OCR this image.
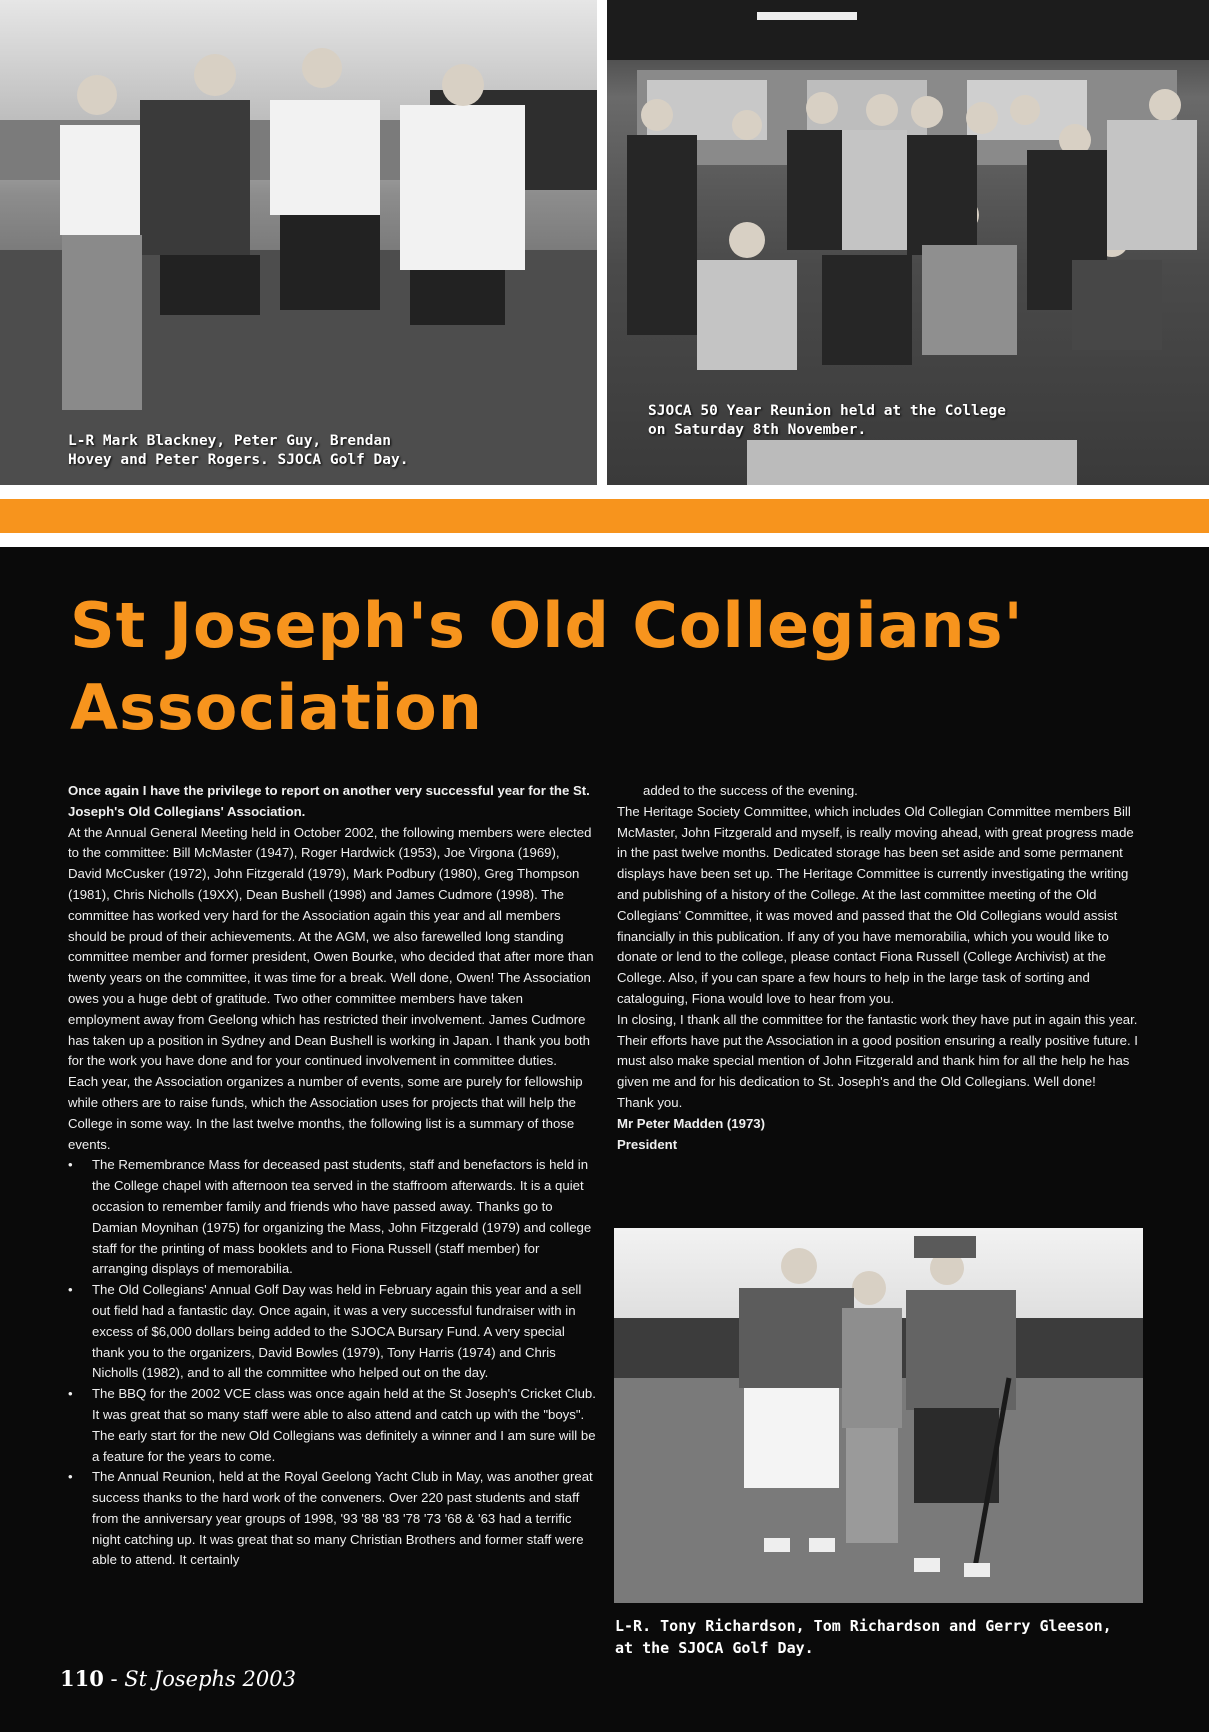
L-R Mark Blackney, Peter Guy, Brendan
Hovey and Peter Rogers. SJOCA Golf Day.
SJOCA 50 Year Reunion held at the College
on Saturday 8th November.
St Joseph's Old Collegians'
Association

Once again I have the privilege to report on another very successful year for the St. Joseph's Old Collegians' Association.

At the Annual General Meeting held in October 2002, the following members were elected to the committee: Bill McMaster (1947), Roger Hardwick (1953), Joe Virgona (1969), David McCusker (1972), John Fitzgerald (1979), Mark Podbury (1980), Greg Thompson (1981), Chris Nicholls (19XX), Dean Bushell (1998) and James Cudmore (1998). The committee has worked very hard for the Association again this year and all members should be proud of their achievements. At the AGM, we also farewelled long standing committee member and former president, Owen Bourke, who decided that after more than twenty years on the committee, it was time for a break. Well done, Owen! The Association owes you a huge debt of gratitude. Two other committee members have taken employment away from Geelong which has restricted their involvement. James Cudmore has taken up a position in Sydney and Dean Bushell is working in Japan. I thank you both for the work you have done and for your continued involvement in committee duties.

Each year, the Association organizes a number of events, some are purely for fellowship while others are to raise funds, which the Association uses for projects that will help the College in some way. In the last twelve months, the following list is a summary of those events.

• The Remembrance Mass for deceased past students, staff and benefactors is held in the College chapel with afternoon tea served in the staffroom afterwards. It is a quiet occasion to remember family and friends who have passed away. Thanks go to Damian Moynihan (1975) for organizing the Mass, John Fitzgerald (1979) and college staff for the printing of mass booklets and to Fiona Russell (staff member) for arranging displays of memorabilia.
• The Old Collegians' Annual Golf Day was held in February again this year and a sell out field had a fantastic day. Once again, it was a very successful fundraiser with in excess of $6,000 dollars being added to the SJOCA Bursary Fund. A very special thank you to the organizers, David Bowles (1979), Tony Harris (1974) and Chris Nicholls (1982), and to all the committee who helped out on the day.
• The BBQ for the 2002 VCE class was once again held at the St Joseph's Cricket Club. It was great that so many staff were able to also attend and catch up with the "boys". The early start for the new Old Collegians was definitely a winner and I am sure will be a feature for the years to come.
• The Annual Reunion, held at the Royal Geelong Yacht Club in May, was another great success thanks to the hard work of the conveners. Over 220 past students and staff from the anniversary year groups of 1998, '93 '88 '83 '78 '73 '68 & '63 had a terrific night catching up. It was great that so many Christian Brothers and former staff were able to attend. It certainly

added to the success of the evening.

The Heritage Society Committee, which includes Old Collegian Committee members Bill McMaster, John Fitzgerald and myself, is really moving ahead, with great progress made in the past twelve months. Dedicated storage has been set aside and some permanent displays have been set up. The Heritage Committee is currently investigating the writing and publishing of a history of the College. At the last committee meeting of the Old Collegians' Committee, it was moved and passed that the Old Collegians would assist financially in this publication. If any of you have memorabilia, which you would like to donate or lend to the college, please contact Fiona Russell (College Archivist) at the College. Also, if you can spare a few hours to help in the large task of sorting and cataloguing, Fiona would love to hear from you.

In closing, I thank all the committee for the fantastic work they have put in again this year. Their efforts have put the Association in a good position ensuring a really positive future. I must also make special mention of John Fitzgerald and thank him for all the help he has given me and for his dedication to St. Joseph's and the Old Collegians. Well done!

Thank you.

Mr Peter Madden (1973)

President

L-R. Tony Richardson, Tom Richardson and Gerry Gleeson,
at the SJOCA Golf Day.
110 - St Josephs 2003
